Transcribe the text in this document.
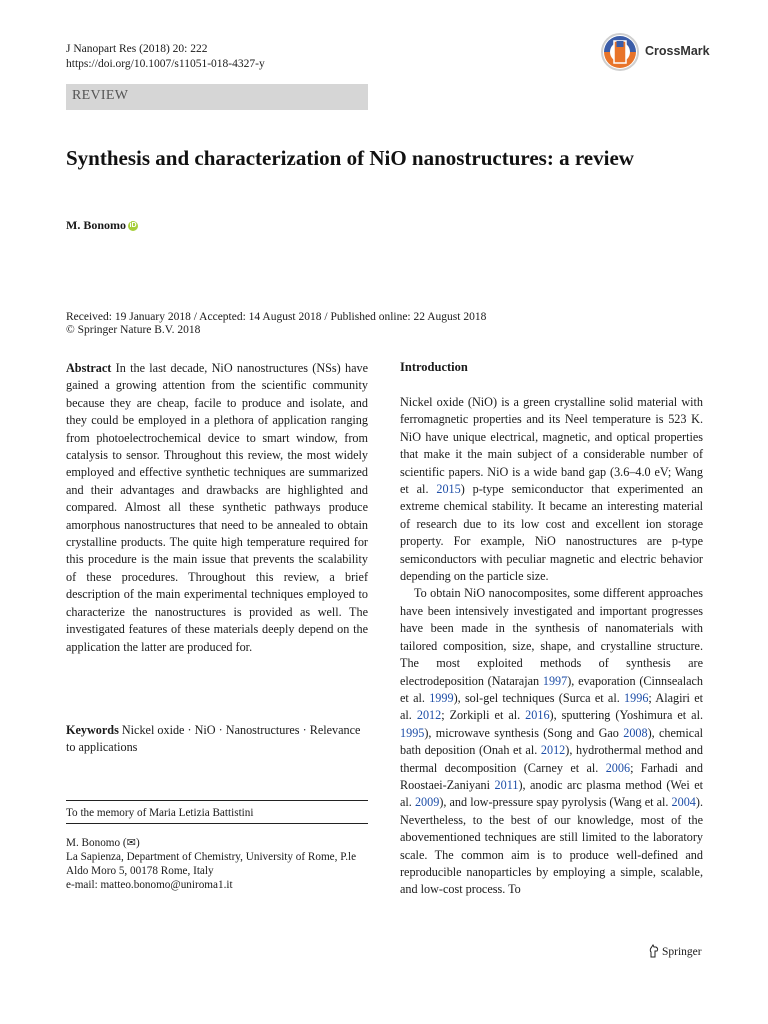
J Nanopart Res (2018) 20: 222
https://doi.org/10.1007/s11051-018-4327-y
CrossMark
REVIEW
Synthesis and characterization of NiO nanostructures: a review
M. Bonomo iD
Received: 19 January 2018 / Accepted: 14 August 2018 / Published online: 22 August 2018
© Springer Nature B.V. 2018
Abstract In the last decade, NiO nanostructures (NSs) have gained a growing attention from the scientific community because they are cheap, facile to produce and isolate, and they could be employed in a plethora of application ranging from photoelectrochemical device to smart window, from catalysis to sensor. Throughout this review, the most widely employed and effective synthetic techniques are summarized and their advantages and drawbacks are highlighted and compared. Almost all these synthetic pathways produce amorphous nanostructures that need to be annealed to obtain crystalline products. The quite high temperature required for this procedure is the main issue that prevents the scalability of these procedures. Throughout this review, a brief description of the main experimental techniques employed to characterize the nanostructures is provided as well. The investigated features of these materials deeply depend on the application the latter are produced for.
Keywords Nickel oxide · NiO · Nanostructures · Relevance to applications
To the memory of Maria Letizia Battistini
M. Bonomo (✉)
La Sapienza, Department of Chemistry, University of Rome, P.le
Aldo Moro 5, 00178 Rome, Italy
e-mail: matteo.bonomo@uniroma1.it
Introduction

Nickel oxide (NiO) is a green crystalline solid material with ferromagnetic properties and its Neel temperature is 523 K. NiO have unique electrical, magnetic, and optical properties that make it the main subject of a considerable number of scientific papers. NiO is a wide band gap (3.6–4.0 eV; Wang et al. 2015) p-type semiconductor that experimented an extreme chemical stability. It became an interesting material of research due to its low cost and excellent ion storage property. For example, NiO nanostructures are p-type semiconductors with peculiar magnetic and electric behavior depending on the particle size.

To obtain NiO nanocomposites, some different approaches have been intensively investigated and important progresses have been made in the synthesis of nanomaterials with tailored composition, size, shape, and crystalline structure. The most exploited methods of synthesis are electrodeposition (Natarajan 1997), evaporation (Cinnsealach et al. 1999), sol-gel techniques (Surca et al. 1996; Alagiri et al. 2012; Zorkipli et al. 2016), sputtering (Yoshimura et al. 1995), microwave synthesis (Song and Gao 2008), chemical bath deposition (Onah et al. 2012), hydrothermal method and thermal decomposition (Carney et al. 2006; Farhadi and Roostaei-Zaniyani 2011), anodic arc plasma method (Wei et al. 2009), and low-pressure spay pyrolysis (Wang et al. 2004). Nevertheless, to the best of our knowledge, most of the abovementioned techniques are still limited to the laboratory scale. The common aim is to produce well-defined and reproducible nanoparticles by employing a simple, scalable, and low-cost process. To

Springer
